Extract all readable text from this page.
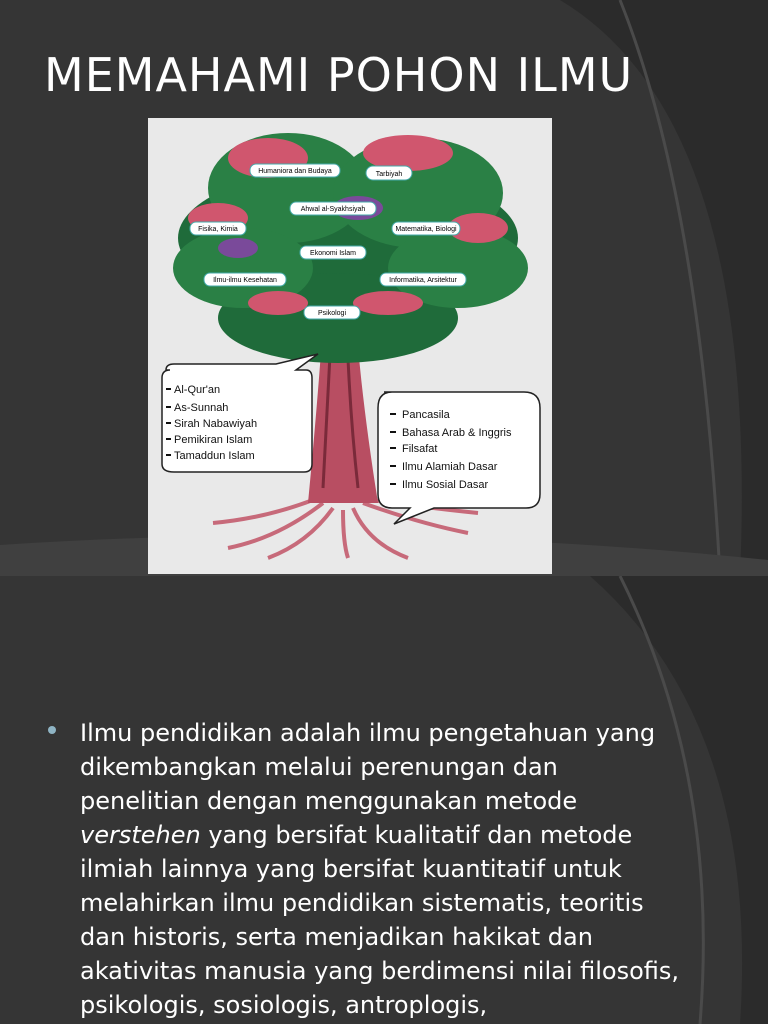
MEMAHAMI POHON ILMU
Humaniora dan Budaya	Tarbiyah
Ahwal al-Syakhsiyah
Fisika, Kimia	Matematika, Biologi
Ekonomi Islam
Ilmu-ilmu Kesehatan	Informatika, Arsitektur
Psikologi
Al-Qur'an
As-Sunnah
Sirah Nabawiyah
Pemikiran Islam
Tamaddun Islam
Pancasila
Bahasa Arab & Inggris
Filsafat
Ilmu Alamiah Dasar
Ilmu Sosial Dasar
Ilmu pendidikan adalah ilmu pengetahuan yang dikembangkan melalui perenungan dan penelitian dengan menggunakan metode verstehen yang bersifat kualitatif dan metode ilmiah lainnya yang bersifat kuantitatif untuk melahirkan ilmu pendidikan sistematis, teoritis dan historis, serta menjadikan hakikat dan akativitas manusia yang berdimensi nilai filosofis, psikologis, sosiologis, antroplogis,
